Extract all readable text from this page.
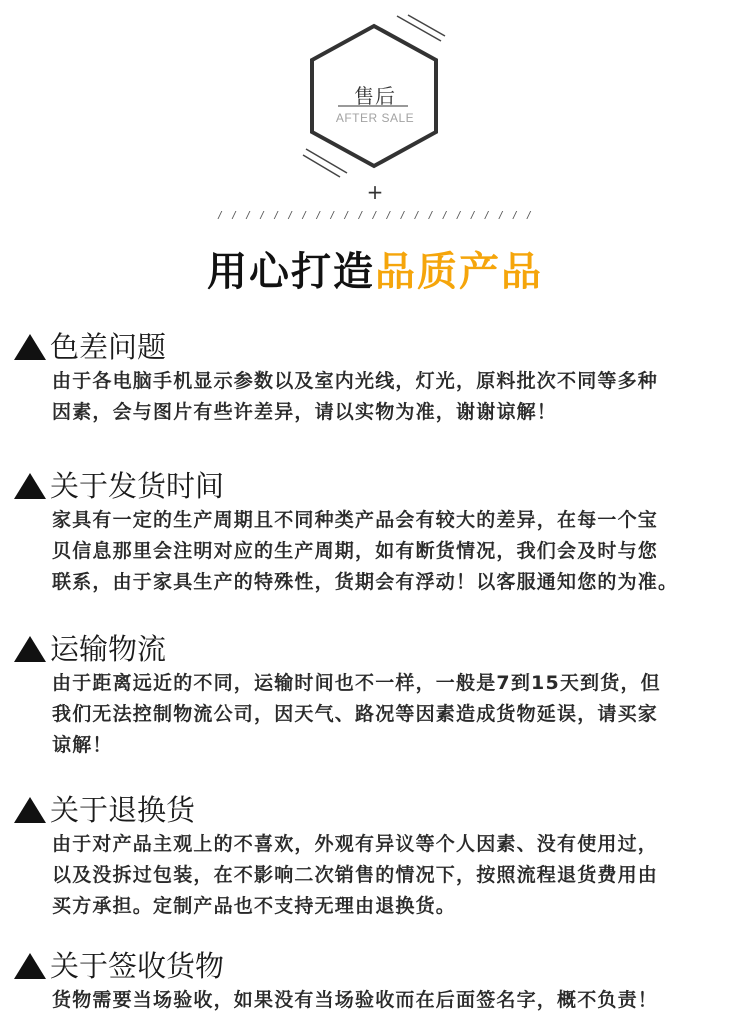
售后
AFTER SALE
+
/ / / / / / / / / / / / / / / / / / / / / / /
用心打造品质产品
色差问题
由于各电脑手机显示参数以及室内光线，灯光，原料批次不同等多种
因素，会与图片有些许差异，请以实物为准，谢谢谅解！
关于发货时间
家具有一定的生产周期且不同种类产品会有较大的差异，在每一个宝
贝信息那里会注明对应的生产周期，如有断货情况，我们会及时与您
联系，由于家具生产的特殊性，货期会有浮动！以客服通知您的为准。
运输物流
由于距离远近的不同，运输时间也不一样，一般是7到15天到货，但
我们无法控制物流公司，因天气、路况等因素造成货物延误，请买家
谅解！
关于退换货
由于对产品主观上的不喜欢，外观有异议等个人因素、没有使用过，
以及没拆过包装，在不影响二次销售的情况下，按照流程退货费用由
买方承担。定制产品也不支持无理由退换货。
关于签收货物
货物需要当场验收，如果没有当场验收而在后面签名字，概不负责！
